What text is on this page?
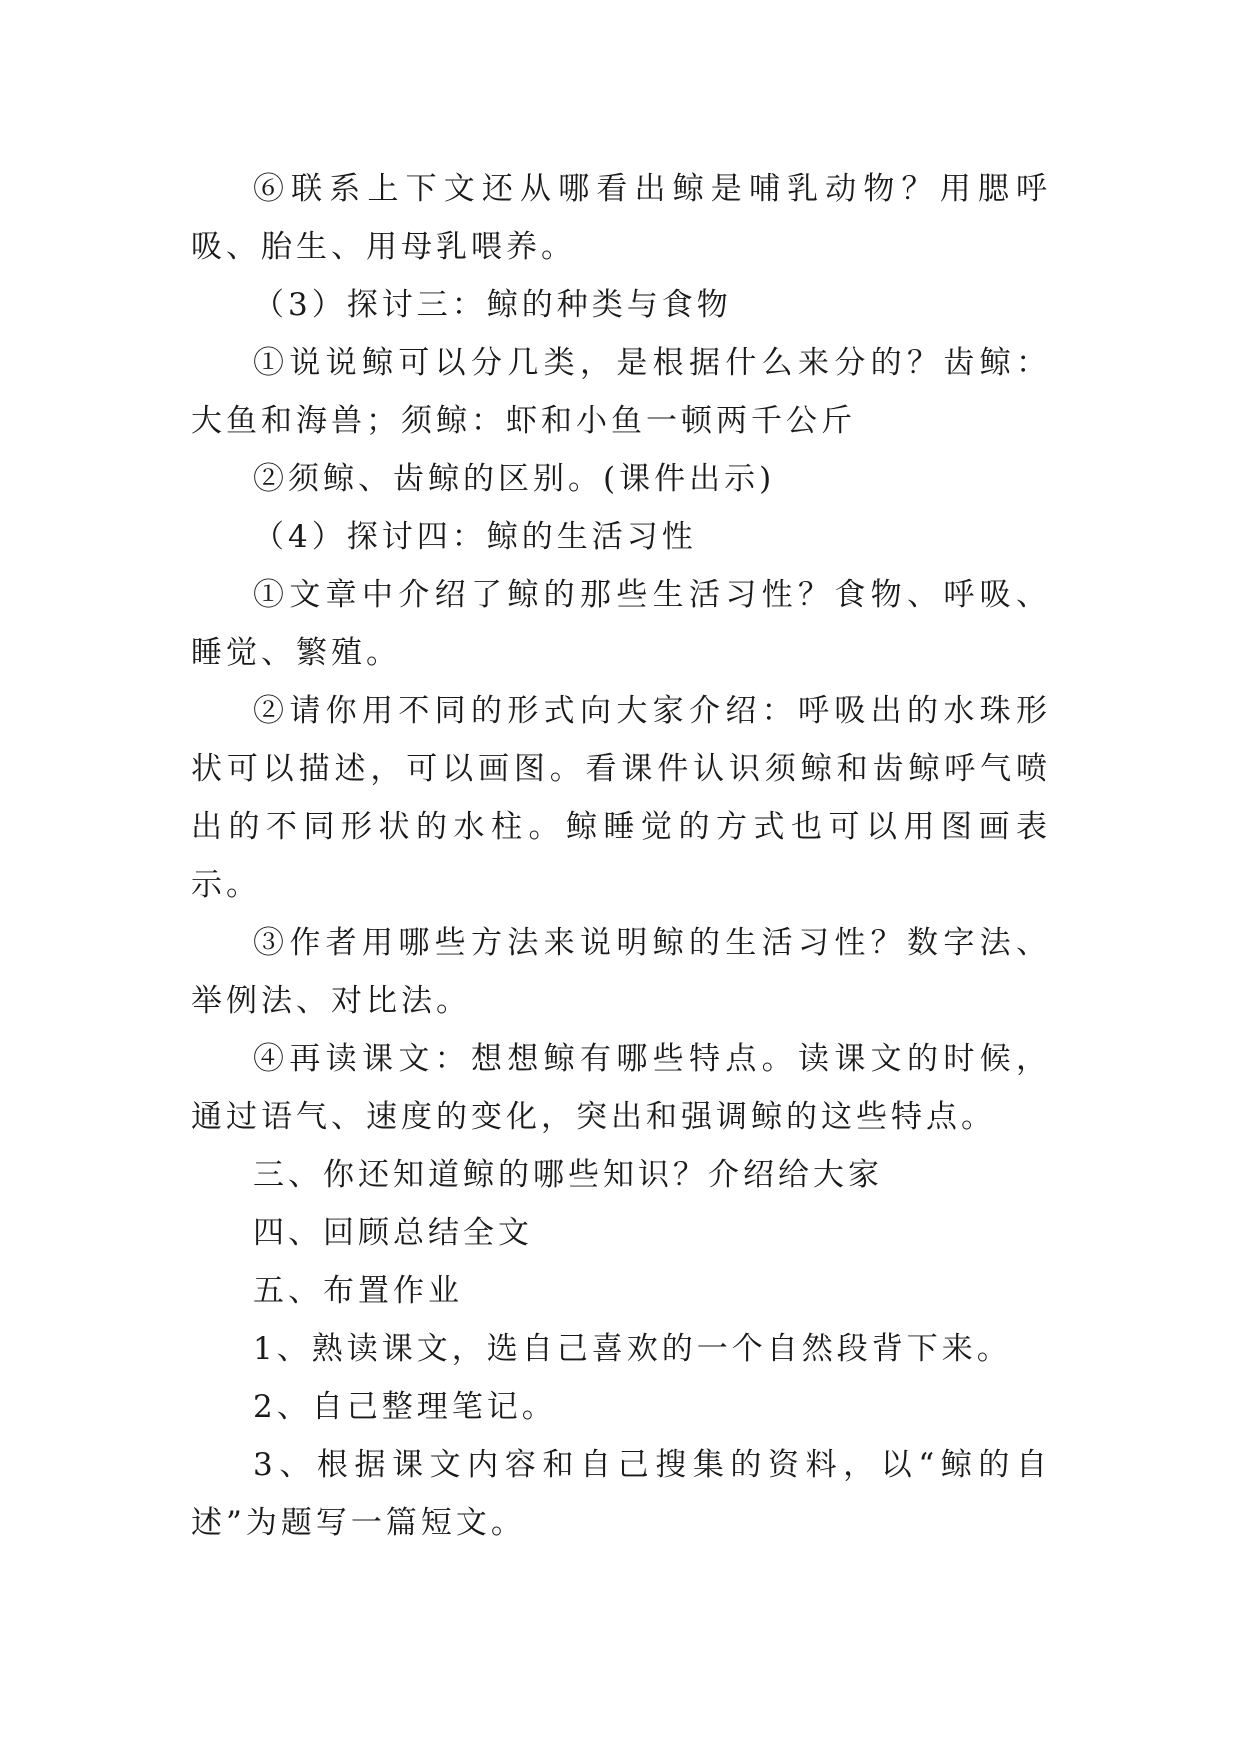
⑥联系上下文还从哪看出鲸是哺乳动物？用腮呼吸、胎生、用母乳喂养。

（3）探讨三：鲸的种类与食物

①说说鲸可以分几类，是根据什么来分的？齿鲸：大鱼和海兽；须鲸：虾和小鱼一顿两千公斤

②须鲸、齿鲸的区别。(课件出示)

（4）探讨四：鲸的生活习性

①文章中介绍了鲸的那些生活习性？食物、呼吸、睡觉、繁殖。

②请你用不同的形式向大家介绍：呼吸出的水珠形状可以描述，可以画图。看课件认识须鲸和齿鲸呼气喷出的不同形状的水柱。鲸睡觉的方式也可以用图画表示。

③作者用哪些方法来说明鲸的生活习性？数字法、举例法、对比法。

④再读课文：想想鲸有哪些特点。读课文的时候，通过语气、速度的变化，突出和强调鲸的这些特点。

三、你还知道鲸的哪些知识？介绍给大家

四、回顾总结全文

五、布置作业

1、熟读课文，选自己喜欢的一个自然段背下来。

2、自己整理笔记。

3、根据课文内容和自己搜集的资料，以“鲸的自述”为题写一篇短文。
